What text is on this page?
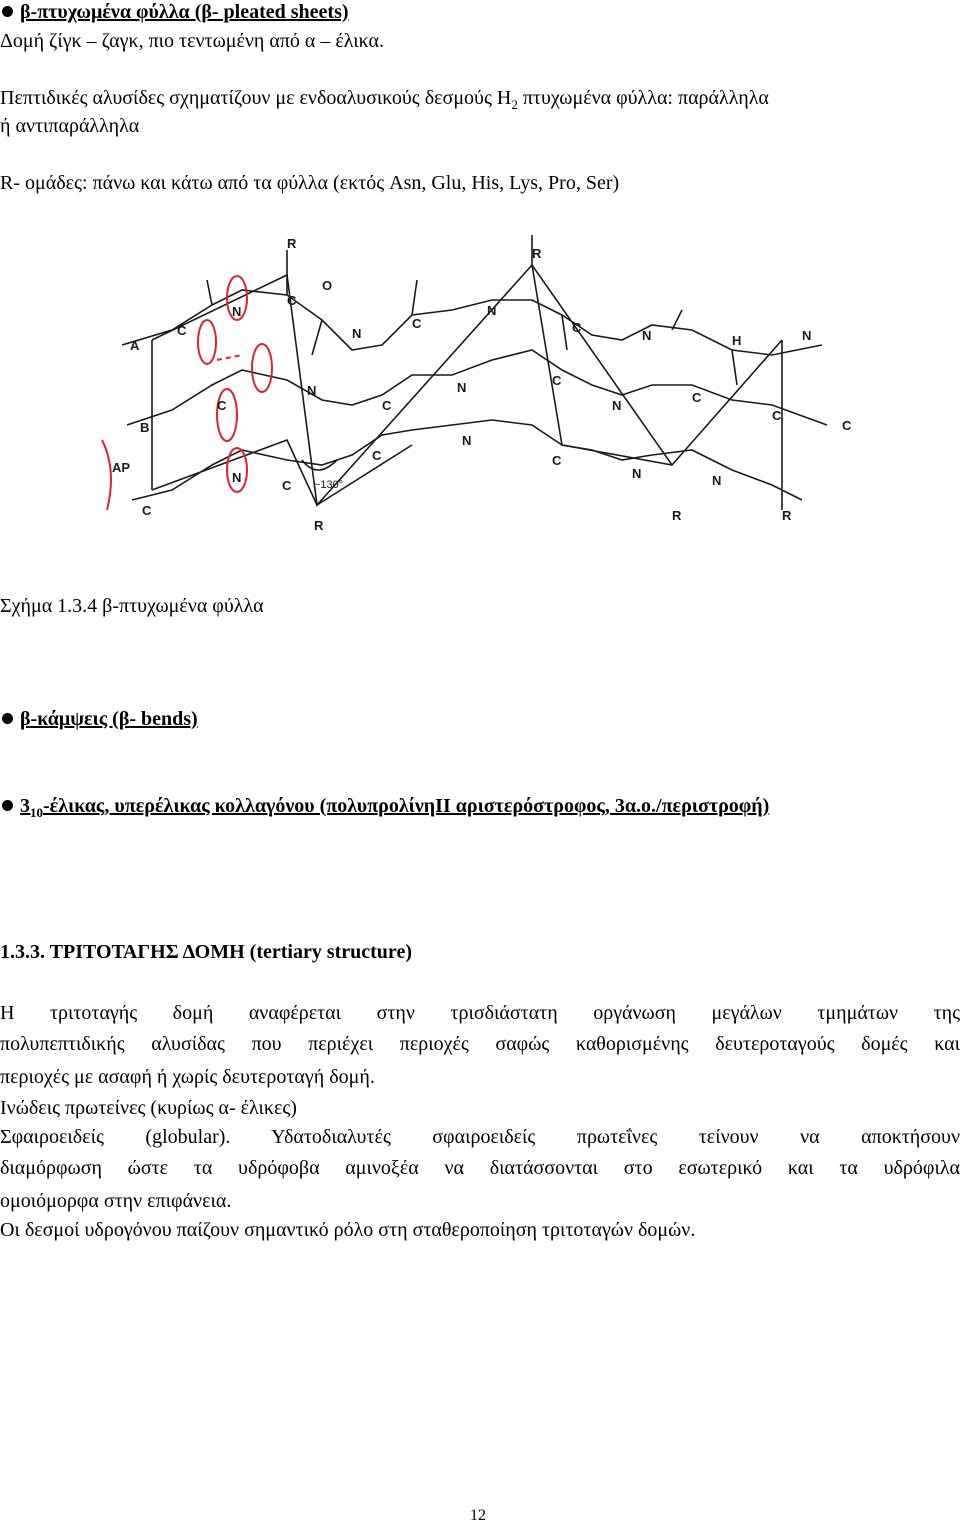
β-πτυχωμένα φύλλα (β- pleated sheets)
Δομή ζίγκ – ζαγκ, πιο τεντωμένη από α – έλικα.
Πεπτιδικές αλυσίδες σχηματίζουν με ενδοαλυσικούς δεσμούς $H_2$ πτυχωμένα φύλλα: παράλληλα
ή αντιπαράλληλα
R- ομάδες: πάνω και κάτω από τα φύλλα (εκτός Asn, Glu, His, Lys, Pro, Ser)
A
B
AP
C
C
C
N
C
O
R
N
C
R
N
C
N	H	N
C
N
C
N	C
N
C
C
N
C
C
N
C
N	N
R
R
R
~130°
Σχήμα 1.3.4 β-πτυχωμένα φύλλα
β-κάμψεις (β- bends)
$3_{10}$-έλικας, υπερέλικας κολλαγόνου (πολυπρολίνηII αριστερόστροφος, 3α.ο./περιστροφή)
1.3.3. ΤΡΙΤΟΤΑΓΗΣ ΔΟΜΗ (tertiary structure)
Η τριτοταγής δομή αναφέρεται στην τρισδιάστατη οργάνωση μεγάλων τμημάτων της
πολυπεπτιδικής αλυσίδας που περιέχει περιοχές σαφώς καθορισμένης δευτεροταγούς δομές και
περιοχές με ασαφή ή χωρίς δευτεροταγή δομή.
Ινώδεις πρωτείνες (κυρίως α- έλικες)
Σφαιροειδείς (globular). Υδατοδιαλυτές σφαιροειδείς πρωτεΐνες τείνουν να αποκτήσουν
διαμόρφωση ώστε τα υδρόφοβα αμινοξέα να διατάσσονται στο εσωτερικό και τα υδρόφιλα
ομοιόμορφα στην επιφάνεια.
Οι δεσμοί υδρογόνου παίζουν σημαντικό ρόλο στη σταθεροποίηση τριτοταγών δομών.
12
